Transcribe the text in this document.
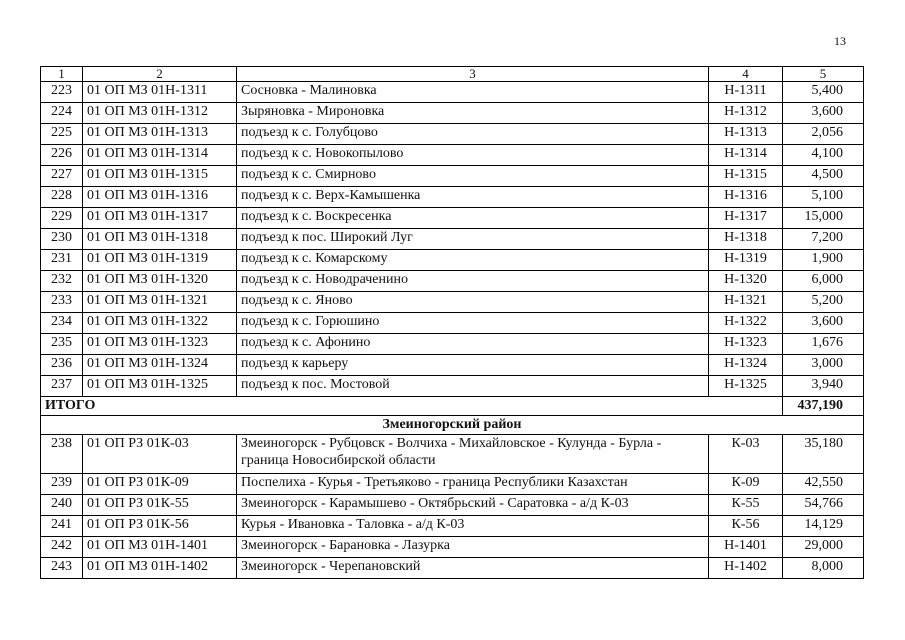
13
1	2	3	4	5
223	01 ОП МЗ 01Н-1311	Сосновка - Малиновка	Н-1311	5,400
224	01 ОП МЗ 01Н-1312	Зыряновка - Мироновка	Н-1312	3,600
225	01 ОП МЗ 01Н-1313	подъезд к с. Голубцово	Н-1313	2,056
226	01 ОП МЗ 01Н-1314	подъезд к с. Новокопылово	Н-1314	4,100
227	01 ОП МЗ 01Н-1315	подъезд к с. Смирново	Н-1315	4,500
228	01 ОП МЗ 01Н-1316	подъезд к с. Верх-Камышенка	Н-1316	5,100
229	01 ОП МЗ 01Н-1317	подъезд к с. Воскресенка	Н-1317	15,000
230	01 ОП МЗ 01Н-1318	подъезд к пос. Широкий Луг	Н-1318	7,200
231	01 ОП МЗ 01Н-1319	подъезд к с. Комарскому	Н-1319	1,900
232	01 ОП МЗ 01Н-1320	подъезд к с. Новодраченино	Н-1320	6,000
233	01 ОП МЗ 01Н-1321	подъезд к с. Яново	Н-1321	5,200
234	01 ОП МЗ 01Н-1322	подъезд к с. Горюшино	Н-1322	3,600
235	01 ОП МЗ 01Н-1323	подъезд к с. Афонино	Н-1323	1,676
236	01 ОП МЗ 01Н-1324	подъезд к карьеру	Н-1324	3,000
237	01 ОП МЗ 01Н-1325	подъезд к пос. Мостовой	Н-1325	3,940
ИТОГО				437,190
Змеиногорский район				
238	01 ОП РЗ 01К-03	Змеиногорск - Рубцовск - Волчиха - Михайловское - Кулунда - Бурла - граница Новосибирской области	К-03	35,180
239	01 ОП РЗ 01К-09	Поспелиха - Курья - Третьяково - граница Республики Казахстан	К-09	42,550
240	01 ОП РЗ 01К-55	Змеиногорск - Карамышево - Октябрьский - Саратовка - а/д К-03	К-55	54,766
241	01 ОП РЗ 01К-56	Курья - Ивановка - Таловка - а/д К-03	К-56	14,129
242	01 ОП МЗ 01Н-1401	Змеиногорск - Барановка - Лазурка	Н-1401	29,000
243	01 ОП МЗ 01Н-1402	Змеиногорск - Черепановский	Н-1402	8,000
